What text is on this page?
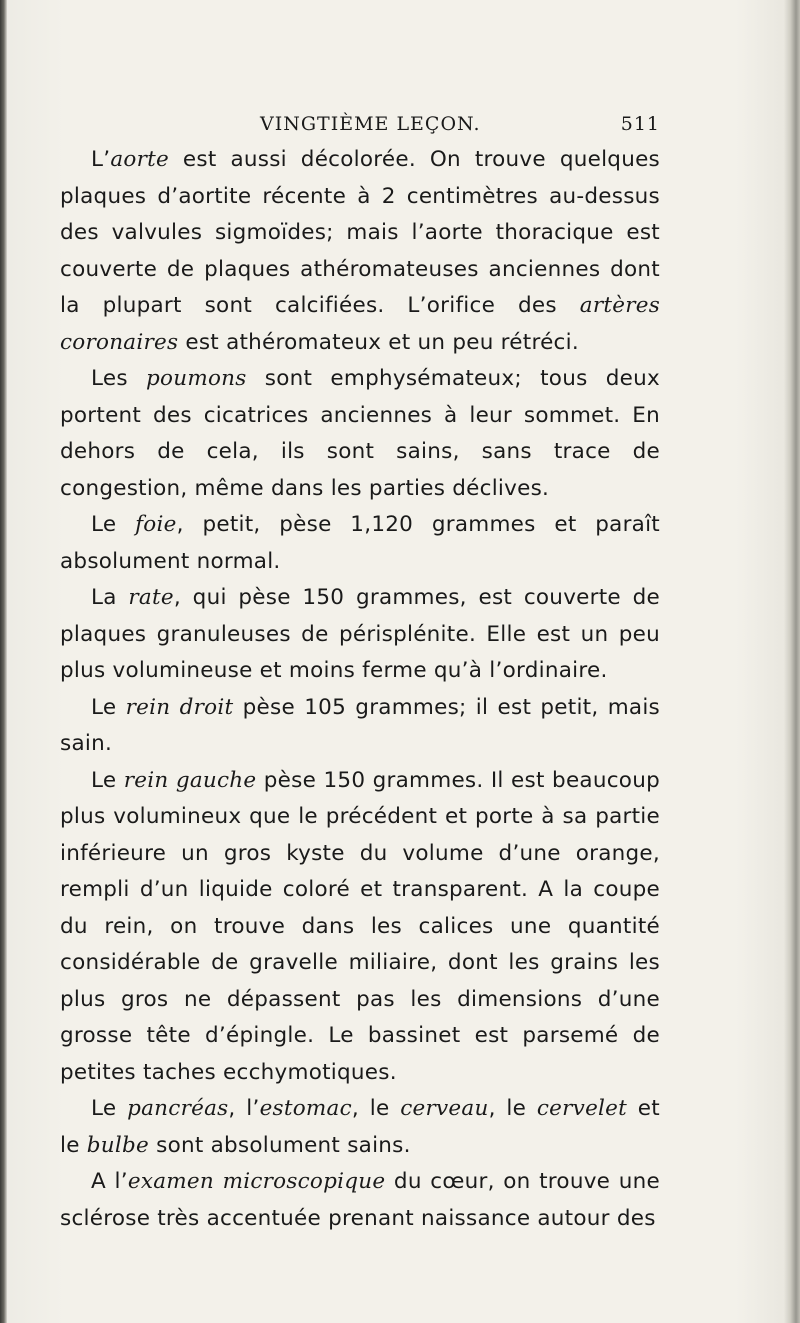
VINGTIÈME LEÇON.	511

L’aorte est aussi décolorée. On trouve quelques plaques d’aortite récente à 2 centimètres au-dessus des valvules sigmoïdes; mais l’aorte thoracique est couverte de plaques athéromateuses anciennes dont la plupart sont calcifiées. L’orifice des artères coronaires est athéromateux et un peu rétréci.

Les poumons sont emphysémateux; tous deux portent des cicatrices anciennes à leur sommet. En dehors de cela, ils sont sains, sans trace de congestion, même dans les parties déclives.

Le foie, petit, pèse 1,120 grammes et paraît absolument normal.

La rate, qui pèse 150 grammes, est couverte de plaques granuleuses de périsplénite. Elle est un peu plus volumineuse et moins ferme qu’à l’ordinaire.

Le rein droit pèse 105 grammes; il est petit, mais sain.

Le rein gauche pèse 150 grammes. Il est beaucoup plus volumineux que le précédent et porte à sa partie inférieure un gros kyste du volume d’une orange, rempli d’un liquide coloré et transparent. A la coupe du rein, on trouve dans les calices une quantité considérable de gravelle miliaire, dont les grains les plus gros ne dépassent pas les dimensions d’une grosse tête d’épingle. Le bassinet est parsemé de petites taches ecchymotiques.

Le pancréas, l’estomac, le cerveau, le cervelet et le bulbe sont absolument sains.

A l’examen microscopique du cœur, on trouve une sclérose très accentuée prenant naissance autour des
